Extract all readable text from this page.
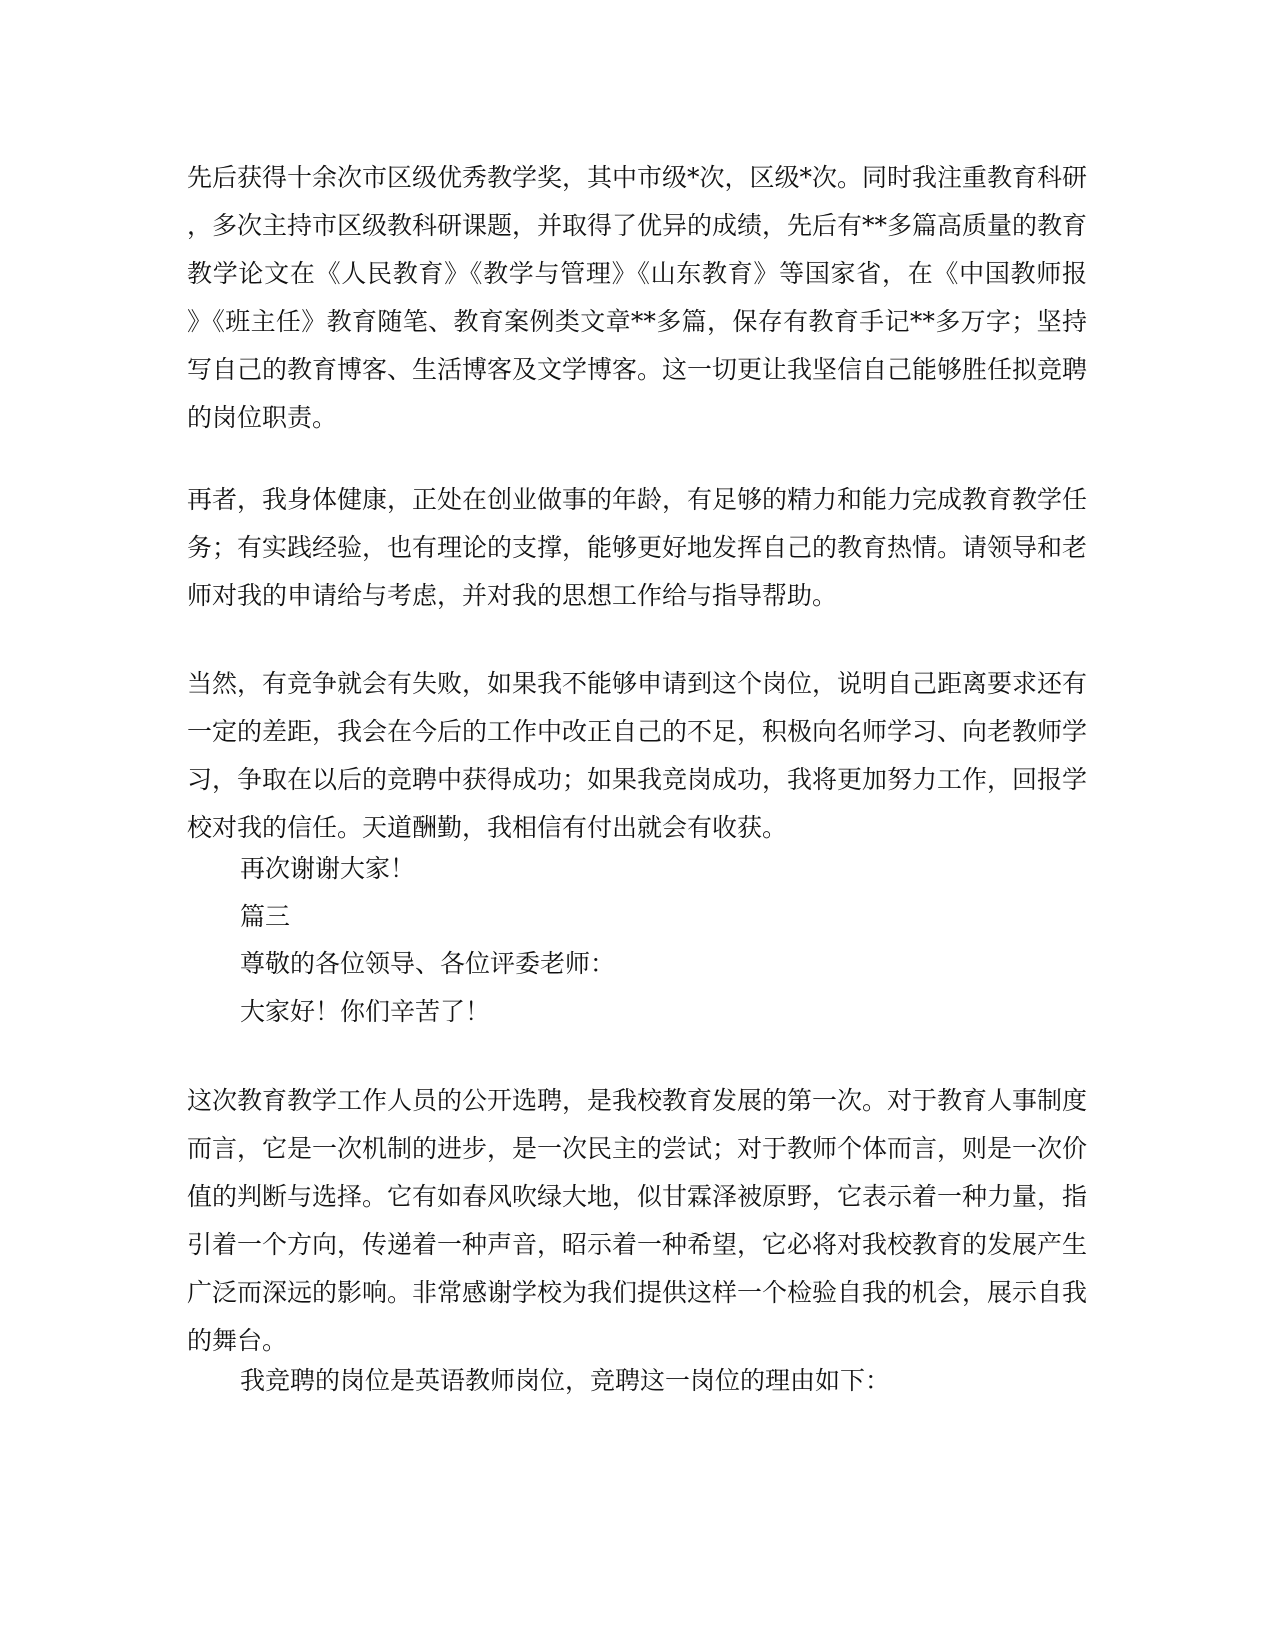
先后获得十余次市区级优秀教学奖，其中市级*次，区级*次。同时我注重教育科研
，多次主持市区级教科研课题，并取得了优异的成绩，先后有**多篇高质量的教育
教学论文在《人民教育》《教学与管理》《山东教育》等国家省，在《中国教师报
》《班主任》教育随笔、教育案例类文章**多篇，保存有教育手记**多万字；坚持
写自己的教育博客、生活博客及文学博客。这一切更让我坚信自己能够胜任拟竞聘
的岗位职责。
再者，我身体健康，正处在创业做事的年龄，有足够的精力和能力完成教育教学任
务；有实践经验，也有理论的支撑，能够更好地发挥自己的教育热情。请领导和老
师对我的申请给与考虑，并对我的思想工作给与指导帮助。
当然，有竞争就会有失败，如果我不能够申请到这个岗位，说明自己距离要求还有
一定的差距，我会在今后的工作中改正自己的不足，积极向名师学习、向老教师学
习，争取在以后的竞聘中获得成功；如果我竞岗成功，我将更加努力工作，回报学
校对我的信任。天道酬勤，我相信有付出就会有收获。

再次谢谢大家！

篇三

尊敬的各位领导、各位评委老师：

大家好！你们辛苦了！

这次教育教学工作人员的公开选聘，是我校教育发展的第一次。对于教育人事制度
而言，它是一次机制的进步，是一次民主的尝试；对于教师个体而言，则是一次价
值的判断与选择。它有如春风吹绿大地，似甘霖泽被原野，它表示着一种力量，指
引着一个方向，传递着一种声音，昭示着一种希望，它必将对我校教育的发展产生
广泛而深远的影响。非常感谢学校为我们提供这样一个检验自我的机会，展示自我
的舞台。

我竞聘的岗位是英语教师岗位，竞聘这一岗位的理由如下：
